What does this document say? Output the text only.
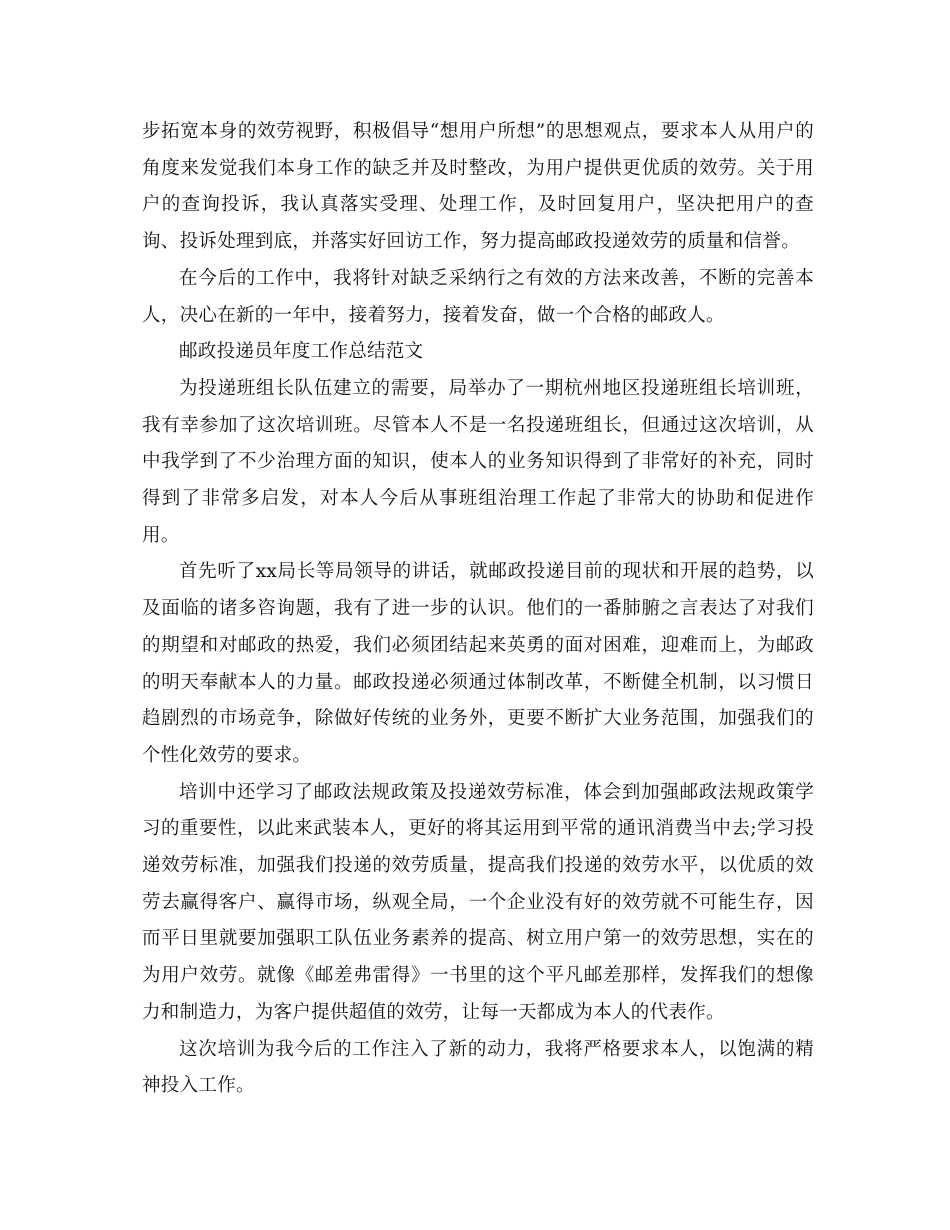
步拓宽本身的效劳视野，积极倡导“想用户所想”的思想观点，要求本人从用户的角度来发觉我们本身工作的缺乏并及时整改，为用户提供更优质的效劳。关于用户的查询投诉，我认真落实受理、处理工作，及时回复用户，坚决把用户的查询、投诉处理到底，并落实好回访工作，努力提高邮政投递效劳的质量和信誉。

在今后的工作中，我将针对缺乏采纳行之有效的方法来改善，不断的完善本人，决心在新的一年中，接着努力，接着发奋，做一个合格的邮政人。

邮政投递员年度工作总结范文

为投递班组长队伍建立的需要，局举办了一期杭州地区投递班组长培训班，我有幸参加了这次培训班。尽管本人不是一名投递班组长，但通过这次培训，从中我学到了不少治理方面的知识，使本人的业务知识得到了非常好的补充，同时得到了非常多启发，对本人今后从事班组治理工作起了非常大的协助和促进作用。

首先听了xx局长等局领导的讲话，就邮政投递目前的现状和开展的趋势，以及面临的诸多咨询题，我有了进一步的认识。他们的一番肺腑之言表达了对我们的期望和对邮政的热爱，我们必须团结起来英勇的面对困难，迎难而上，为邮政的明天奉献本人的力量。邮政投递必须通过体制改革，不断健全机制，以习惯日趋剧烈的市场竞争，除做好传统的业务外，更要不断扩大业务范围，加强我们的个性化效劳的要求。

培训中还学习了邮政法规政策及投递效劳标准，体会到加强邮政法规政策学习的重要性，以此来武装本人，更好的将其运用到平常的通讯消费当中去;学习投递效劳标准，加强我们投递的效劳质量，提高我们投递的效劳水平，以优质的效劳去赢得客户、赢得市场，纵观全局，一个企业没有好的效劳就不可能生存，因而平日里就要加强职工队伍业务素养的提高、树立用户第一的效劳思想，实在的为用户效劳。就像《邮差弗雷得》一书里的这个平凡邮差那样，发挥我们的想像力和制造力，为客户提供超值的效劳，让每一天都成为本人的代表作。

这次培训为我今后的工作注入了新的动力，我将严格要求本人，以饱满的精神投入工作。
